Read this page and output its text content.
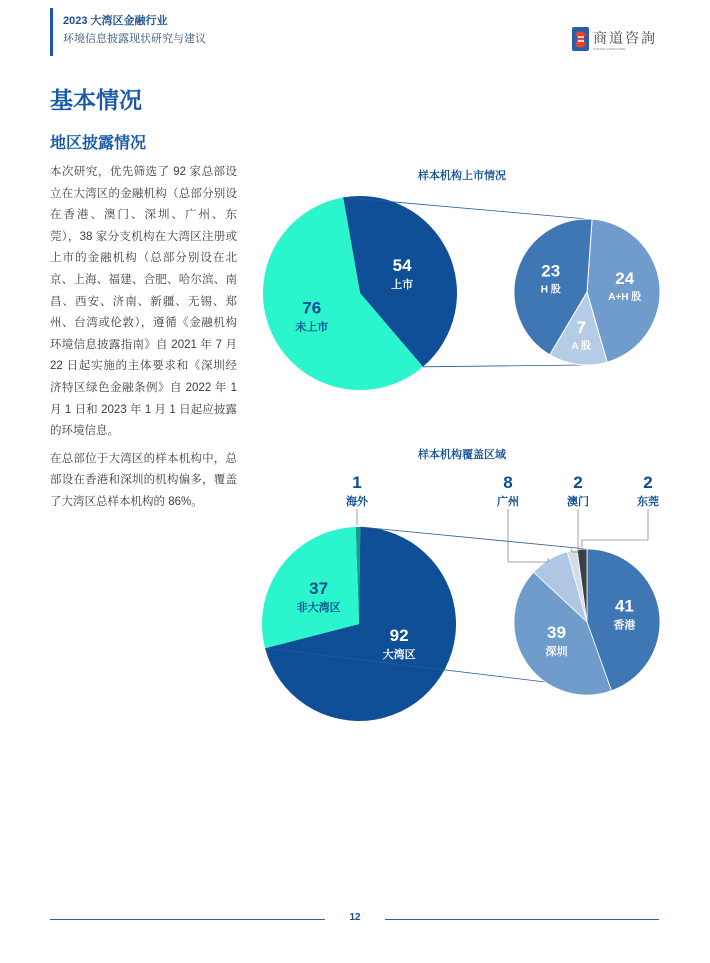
2023 大湾区金融行业
环境信息披露现状研究与建议	商道咨詢
SYNTAO CONSULTING
基本情况
地区披露情况

本次研究，优先筛选了 92 家总部设立在大湾区的金融机构（总部分别设在香港、澳门、深圳、广州、东莞），38 家分支机构在大湾区注册或上市的金融机构（总部分别设在北京、上海、福建、合肥、哈尔滨、南昌、西安、济南、新疆、无锡、郑州、台湾或伦敦），遵循《金融机构环境信息披露指南》自 2021 年 7 月 22 日起实施的主体要求和《深圳经济特区绿色金融条例》自 2022 年 1 月 1 日和 2023 年 1 月 1 日起应披露的环境信息。

在总部位于大湾区的样本机构中，总部设在香港和深圳的机构偏多，覆盖了大湾区总样本机构的 86%。

样本机构上市情况
样本机构覆盖区域
54
上市
76
未上市
24
A+H 股
7
A 股
23
H 股
92
大湾区
37
非大湾区
1
海外
41
香港
39
深圳
8
广州
2
澳门
2
东莞
12
